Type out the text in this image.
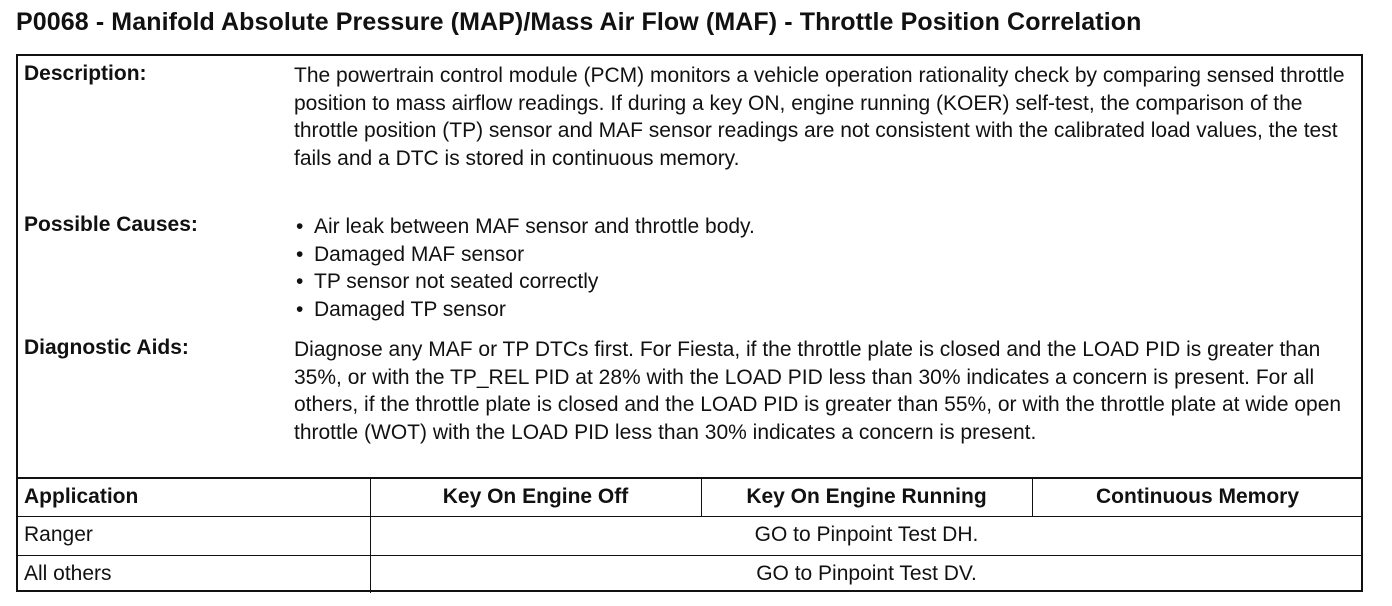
P0068 - Manifold Absolute Pressure (MAP)/Mass Air Flow (MAF) - Throttle Position Correlation
Description:	The powertrain control module (PCM) monitors a vehicle operation rationality check by comparing sensed throttle position to mass airflow readings. If during a key ON, engine running (KOER) self-test, the comparison of the throttle position (TP) sensor and MAF sensor readings are not consistent with the calibrated load values, the test fails and a DTC is stored in continuous memory.
Possible Causes:
•	Air leak between MAF sensor and throttle body.
• Damaged MAF sensor
• TP sensor not seated correctly
• Damaged TP sensor
Diagnostic Aids:	Diagnose any MAF or TP DTCs first. For Fiesta, if the throttle plate is closed and the LOAD PID is greater than 35%, or with the TP_REL PID at 28% with the LOAD PID less than 30% indicates a concern is present. For all others, if the throttle plate is closed and the LOAD PID is greater than 55%, or with the throttle plate at wide open throttle (WOT) with the LOAD PID less than 30% indicates a concern is present.
Application	Key On Engine Off	Key On Engine Running	Continuous Memory
Ranger	GO to Pinpoint Test DH.
All others	GO to Pinpoint Test DV.
